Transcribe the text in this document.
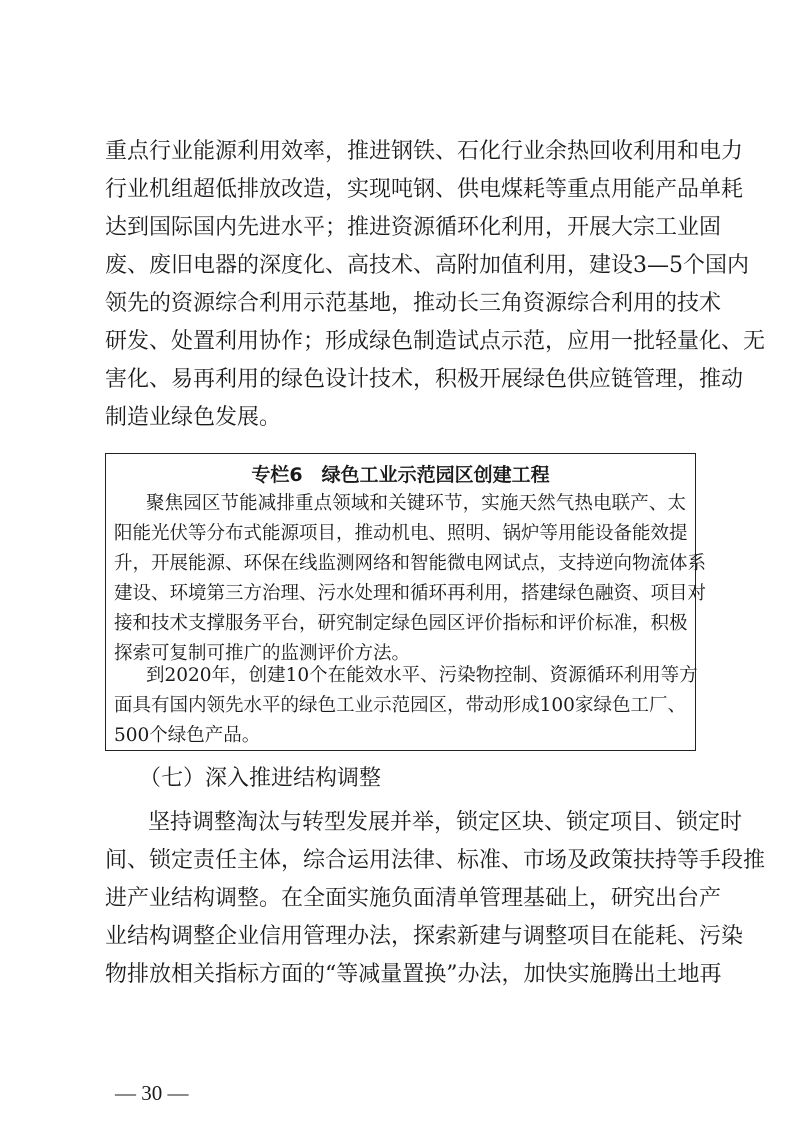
重点行业能源利用效率，推进钢铁、石化行业余热回收利用和电力
行业机组超低排放改造，实现吨钢、供电煤耗等重点用能产品单耗
达到国际国内先进水平；推进资源循环化利用，开展大宗工业固
废、废旧电器的深度化、高技术、高附加值利用，建设3—5个国内
领先的资源综合利用示范基地，推动长三角资源综合利用的技术
研发、处置利用协作；形成绿色制造试点示范，应用一批轻量化、无
害化、易再利用的绿色设计技术，积极开展绿色供应链管理，推动
制造业绿色发展。
专栏6　绿色工业示范园区创建工程
聚焦园区节能减排重点领域和关键环节，实施天然气热电联产、太
阳能光伏等分布式能源项目，推动机电、照明、锅炉等用能设备能效提
升，开展能源、环保在线监测网络和智能微电网试点，支持逆向物流体系
建设、环境第三方治理、污水处理和循环再利用，搭建绿色融资、项目对
接和技术支撑服务平台，研究制定绿色园区评价指标和评价标准，积极
探索可复制可推广的监测评价方法。
到2020年，创建10个在能效水平、污染物控制、资源循环利用等方
面具有国内领先水平的绿色工业示范园区，带动形成100家绿色工厂、
500个绿色产品。
（七）深入推进结构调整
坚持调整淘汰与转型发展并举，锁定区块、锁定项目、锁定时
间、锁定责任主体，综合运用法律、标准、市场及政策扶持等手段推
进产业结构调整。在全面实施负面清单管理基础上，研究出台产
业结构调整企业信用管理办法，探索新建与调整项目在能耗、污染
物排放相关指标方面的“等减量置换”办法，加快实施腾出土地再
— 30 —
